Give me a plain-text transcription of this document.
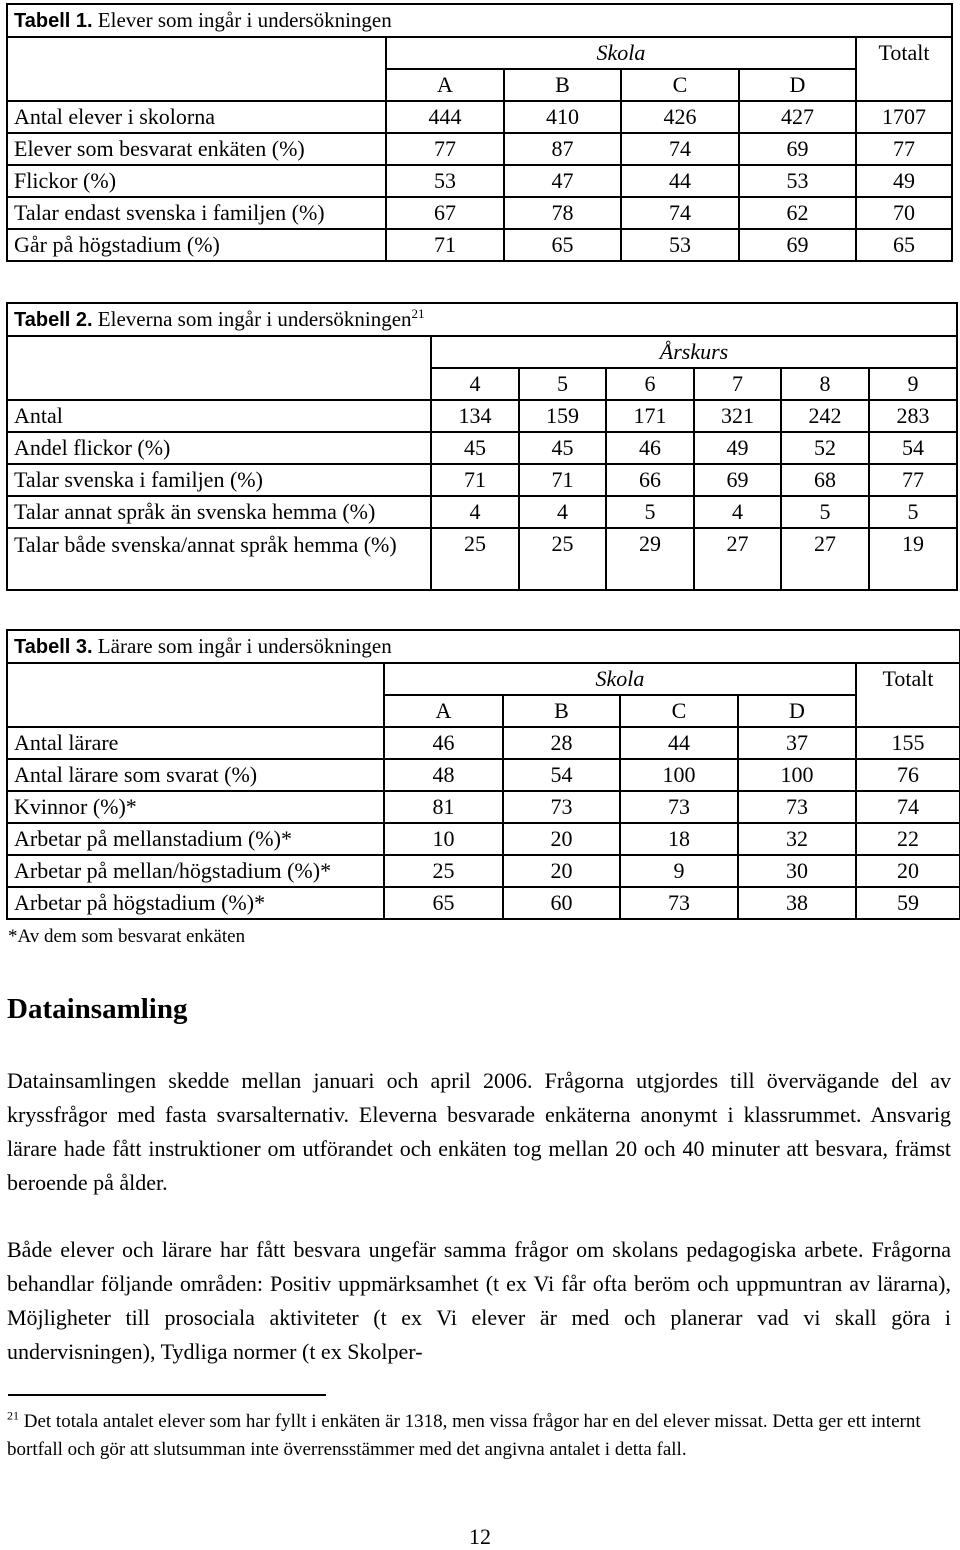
Tabell 1. Elever som ingår i undersökningen					
	Skola				Totalt
	A	B	C	D	
Antal elever i skolorna	444	410	426	427	1707
Elever som besvarat enkäten (%)	77	87	74	69	77
Flickor (%)	53	47	44	53	49
Talar endast svenska i familjen (%)	67	78	74	62	70
Går på högstadium (%)	71	65	53	69	65
Tabell 2. Eleverna som ingår i undersökningen$^{21}$
	Årskurs					
	4	5	6	7	8	9
Antal	134	159	171	321	242	283
Andel flickor (%)	45	45	46	49	52	54
Talar svenska i familjen (%)	71	71	66	69	68	77
Talar annat språk än svenska hemma (%)	4	4	5	4	5	5
Talar både svenska/annat språk hemma (%)	25	25	29	27	27	19
Tabell 3. Lärare som ingår i undersökningen					
	Skola				Totalt
	A	B	C	D	
Antal lärare	46	28	44	37	155
Antal lärare som svarat (%)	48	54	100	100	76
Kvinnor (%)*	81	73	73	73	74
Arbetar på mellanstadium (%)*	10	20	18	32	22
Arbetar på mellan/högstadium (%)*	25	20	9	30	20
Arbetar på högstadium (%)*	65	60	73	38	59
*Av dem som besvarat enkäten
Datainsamling

Datainsamlingen skedde mellan januari och april 2006. Frågorna utgjordes till övervägande del av kryssfrågor med fasta svarsalternativ. Eleverna besvarade enkäterna anonymt i klassrummet. Ansvarig lärare hade fått instruktioner om utförandet och enkäten tog mellan 20 och 40 minuter att besvara, främst beroende på ålder.

Både elever och lärare har fått besvara ungefär samma frågor om skolans pedagogiska arbete. Frågorna behandlar följande områden: Positiv uppmärksamhet (t ex Vi får ofta beröm och uppmuntran av lärarna), Möjligheter till prosociala aktiviteter (t ex Vi elever är med och planerar vad vi skall göra i undervisningen), Tydliga normer (t ex Skolper-

$^{21}$ Det totala antalet elever som har fyllt i enkäten är 1318, men vissa frågor har en del elever missat. Detta ger ett internt bortfall och gör att slutsumman inte överrensstämmer med det angivna antalet i detta fall.

12
